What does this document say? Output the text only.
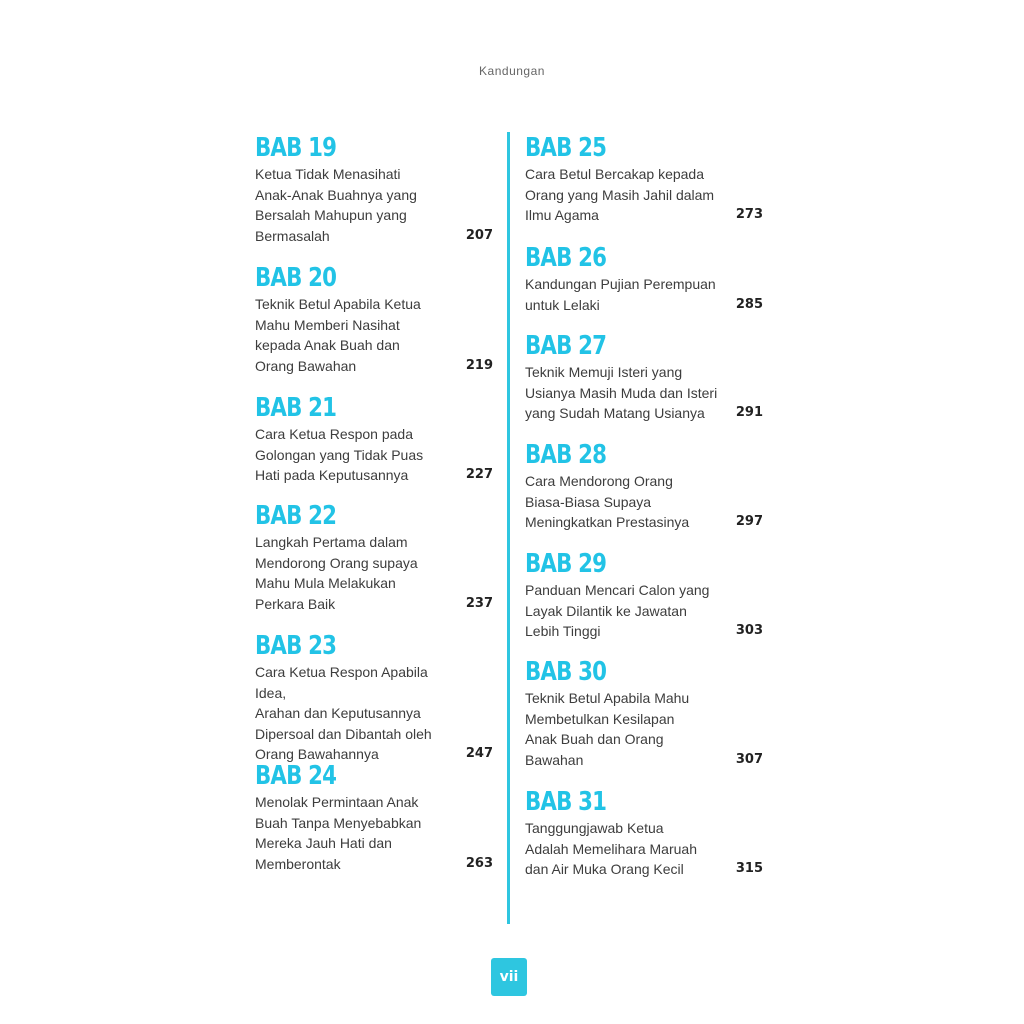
Kandungan
BAB 19
Ketua Tidak Menasihati
Anak-Anak Buahnya yang
Bersalah Mahupun yang
Bermasalah	207
BAB 20
Teknik Betul Apabila Ketua
Mahu Memberi Nasihat
kepada Anak Buah dan
Orang Bawahan	219
BAB 21
Cara Ketua Respon pada
Golongan yang Tidak Puas
Hati pada Keputusannya	227
BAB 22
Langkah Pertama dalam
Mendorong Orang supaya
Mahu Mula Melakukan
Perkara Baik	237
BAB 23
Cara Ketua Respon Apabila Idea,
Arahan dan Keputusannya
Dipersoal dan Dibantah oleh
Orang Bawahannya	247
BAB 24
Menolak Permintaan Anak
Buah Tanpa Menyebabkan
Mereka Jauh Hati dan
Memberontak	263
BAB 25
Cara Betul Bercakap kepada
Orang yang Masih Jahil dalam
Ilmu Agama	273
BAB 26
Kandungan Pujian Perempuan
untuk Lelaki	285
BAB 27
Teknik Memuji Isteri yang
Usianya Masih Muda dan Isteri
yang Sudah Matang Usianya	291
BAB 28
Cara Mendorong Orang
Biasa-Biasa Supaya
Meningkatkan Prestasinya	297
BAB 29
Panduan Mencari Calon yang
Layak Dilantik ke Jawatan
Lebih Tinggi	303
BAB 30
Teknik Betul Apabila Mahu
Membetulkan Kesilapan
Anak Buah dan Orang
Bawahan	307
BAB 31
Tanggungjawab Ketua
Adalah Memelihara Maruah
dan Air Muka Orang Kecil	315
vii
